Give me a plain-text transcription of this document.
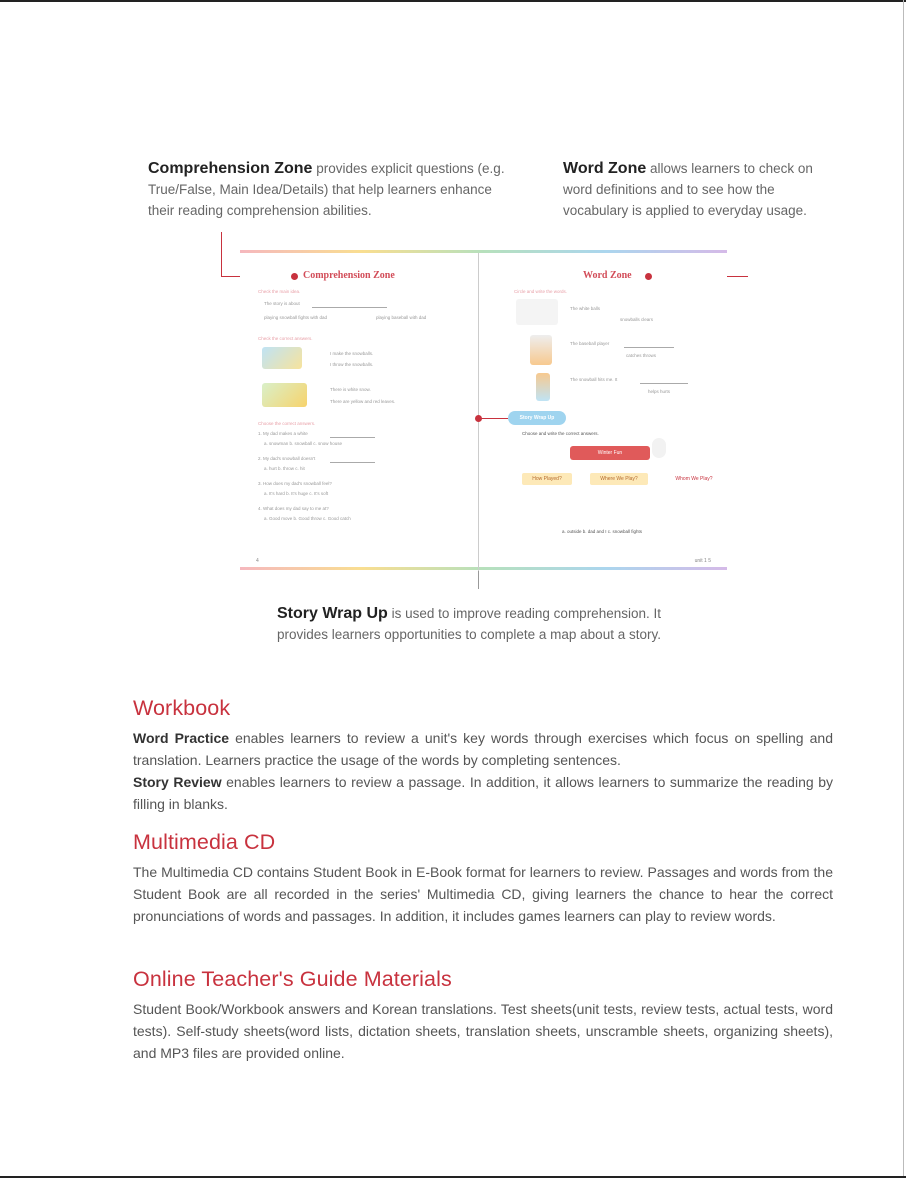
Comprehension Zone provides explicit questions (e.g. True/False, Main Idea/Details) that help learners enhance their reading comprehension abilities.
Word Zone allows learners to check on word definitions and to see how the vocabulary is applied to everyday usage.
Comprehension Zone
Check the main idea.
The story is about
playing snowball fights with dad	playing baseball with dad
Check the correct answers.
I make the snowballs.
I throw the snowballs.
There is white snow.
There are yellow and red leaves.
Choose the correct answers.
1. My dad makes a white
a. snowman b. snowball c. snow house
2. My dad's snowball doesn't
a. hurt b. throw c. hit
3. How does my dad's snowball feel?
a. It's hard b. It's huge c. It's soft
4. What does my dad say to me at?
a. Good move b. Good throw c. Good catch
4
Word Zone
Circle and write the words.
The white balls
snowballs clears
The baseball player
catches throws
The snowball hits me. It
helps hurts
Story Wrap Up
Choose and write the correct answers.
Winter Fun
How Played?	Where We Play?	Whom We Play?
a. outside b. dad and I c. snowball fights
unit 1 5
Story Wrap Up is used to improve reading comprehension. It provides learners opportunities to complete a map about a story.
Workbook
Word Practice enables learners to review a unit's key words through exercises which focus on spelling and translation. Learners practice the usage of the words by completing sentences.
Story Review enables learners to review a passage. In addition, it allows learners to summarize the reading by filling in blanks.
Multimedia CD
The Multimedia CD contains Student Book in E-Book format for learners to review. Passages and words from the Student Book are all recorded in the series' Multimedia CD, giving learners the chance to hear the correct pronunciations of words and passages. In addition, it includes games learners can play to review words.
Online Teacher's Guide Materials
Student Book/Workbook answers and Korean translations. Test sheets(unit tests, review tests, actual tests, word tests). Self-study sheets(word lists, dictation sheets, translation sheets, unscramble sheets, organizing sheets), and MP3 files are provided online.
